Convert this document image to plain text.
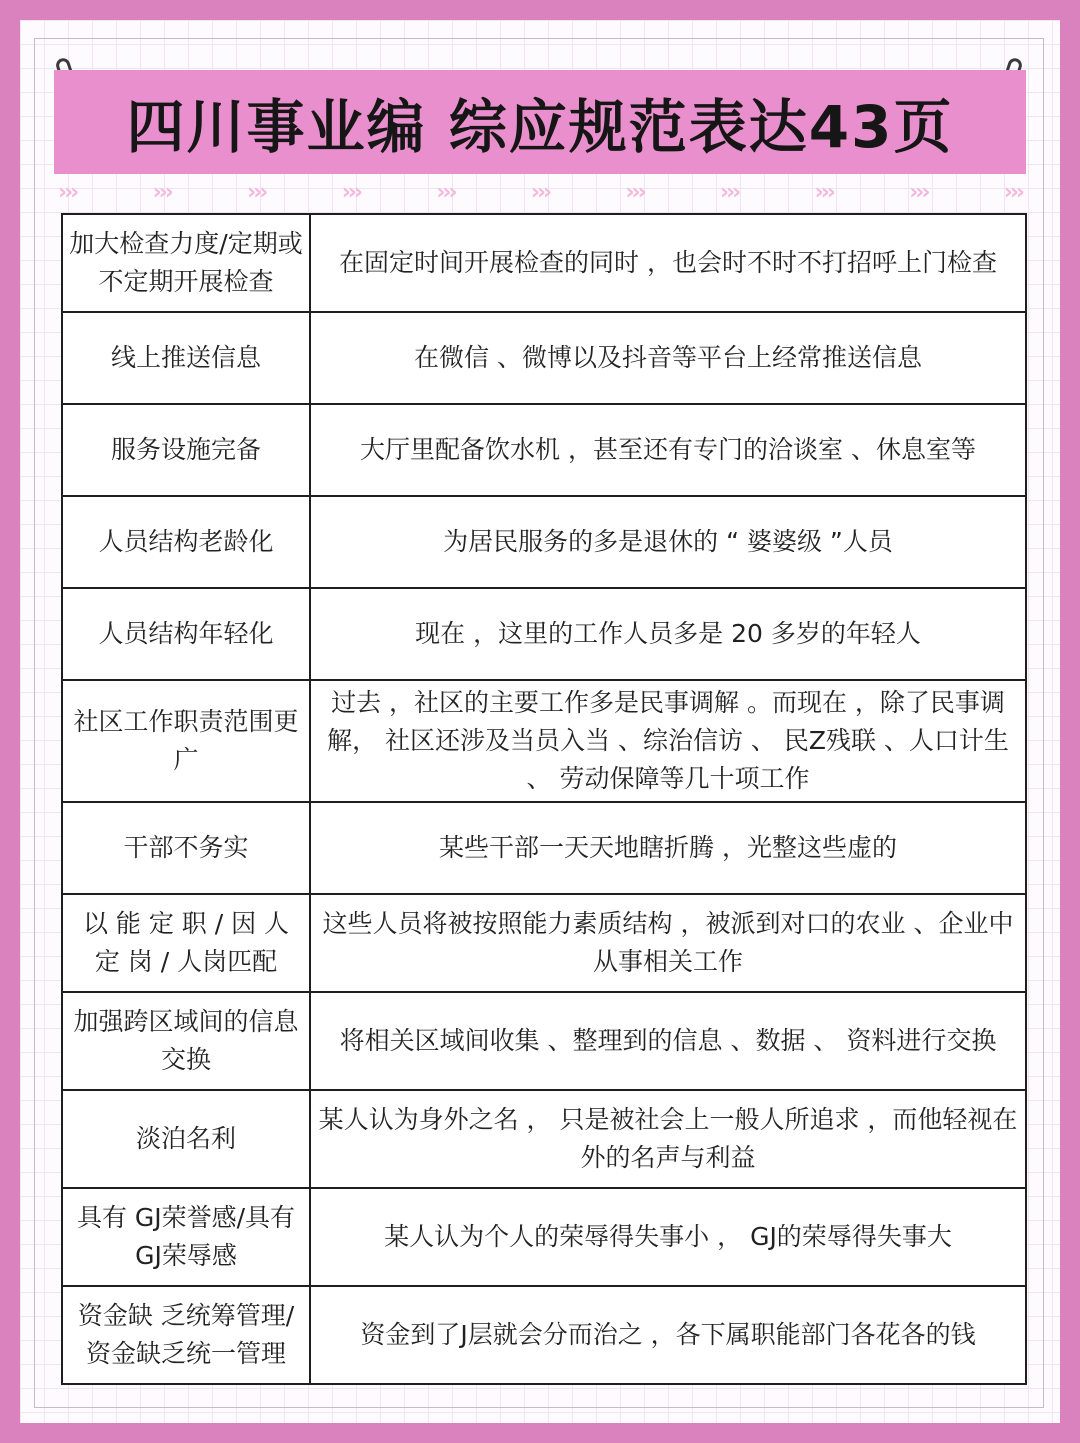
四川事业编 综应规范表达43页
›››	›››	›››	›››	›››	›››	›››	›››	›››	›››	›››
加大检查力度/定期或 不定期开展检查	在固定时间开展检查的同时 ，也会时不时不打招呼上门检查
线上推送信息	在微信 、微博以及抖音等平台上经常推送信息
服务设施完备	大厅里配备饮水机 ，甚至还有专门的洽谈室 、休息室等
人员结构老龄化	为居民服务的多是退休的 “ 婆婆级 ”人员
人员结构年轻化	现在 ，这里的工作人员多是 20 多岁的年轻人
社区工作职责范围更广	过去 ，社区的主要工作多是民事调解 。而现在 ，除了民事调解， 社区还涉及当员入当 、综治信访 、 民Z残联 、人口计生 、 劳动保障等几十项工作
干部不务实	某些干部一天天地瞎折腾 ，光整这些虚的
以 能 定 职 / 因 人 定 岗 / 人岗匹配	这些人员将被按照能力素质结构 ，被派到对口的农业 、企业中从事相关工作
加强跨区域间的信息交换	将相关区域间收集 、整理到的信息 、数据 、 资料进行交换
淡泊名利	某人认为身外之名 ， 只是被社会上一般人所追求 ，而他轻视在外的名声与利益
具有 GJ荣誉感/具有 GJ荣辱感	某人认为个人的荣辱得失事小 ， GJ的荣辱得失事大
资金缺 乏统筹管理/资金缺乏统一管理	资金到了J层就会分而治之 ，各下属职能部门各花各的钱
